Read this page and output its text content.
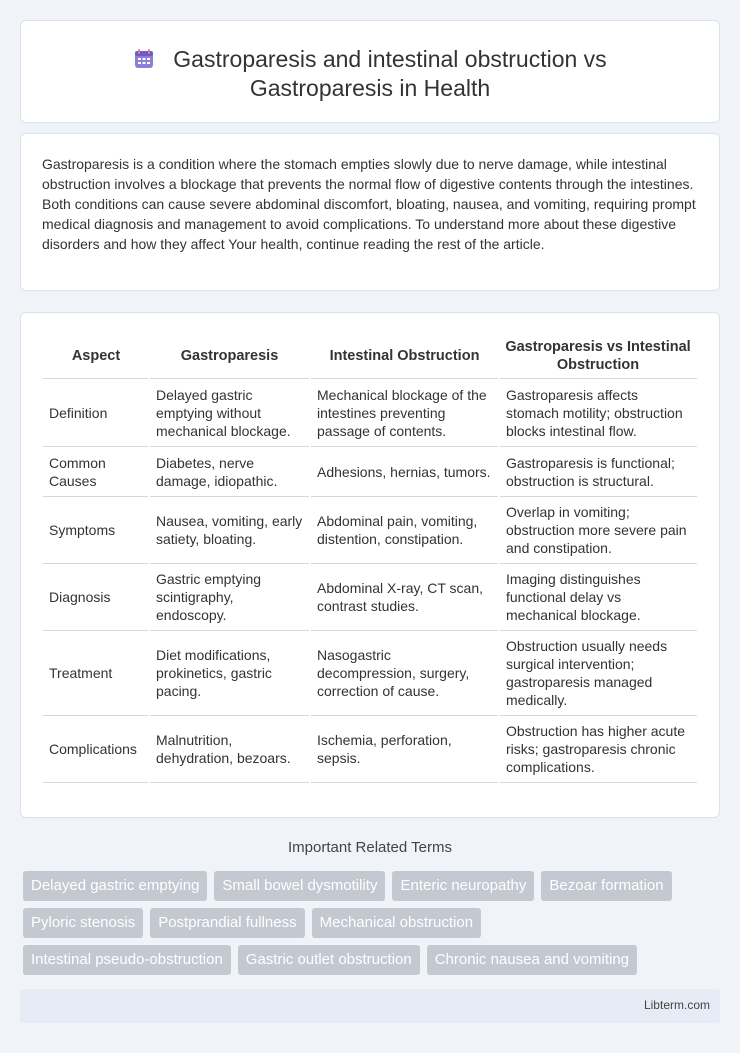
Gastroparesis and intestinal obstruction vs
Gastroparesis in Health

Gastroparesis is a condition where the stomach empties slowly due to nerve damage, while intestinal obstruction involves a blockage that prevents the normal flow of digestive contents through the intestines. Both conditions can cause severe abdominal discomfort, bloating, nausea, and vomiting, requiring prompt medical diagnosis and management to avoid complications. To understand more about these digestive disorders and how they affect Your health, continue reading the rest of the article.

Aspect	Gastroparesis	Intestinal Obstruction	Gastroparesis vs Intestinal Obstruction
Definition	Delayed gastric emptying without mechanical blockage.	Mechanical blockage of the intestines preventing passage of contents.	Gastroparesis affects stomach motility; obstruction blocks intestinal flow.
Common Causes	Diabetes, nerve damage, idiopathic.	Adhesions, hernias, tumors.	Gastroparesis is functional; obstruction is structural.
Symptoms	Nausea, vomiting, early satiety, bloating.	Abdominal pain, vomiting, distention, constipation.	Overlap in vomiting; obstruction more severe pain and constipation.
Diagnosis	Gastric emptying scintigraphy, endoscopy.	Abdominal X-ray, CT scan, contrast studies.	Imaging distinguishes functional delay vs mechanical blockage.
Treatment	Diet modifications, prokinetics, gastric pacing.	Nasogastric decompression, surgery, correction of cause.	Obstruction usually needs surgical intervention; gastroparesis managed medically.
Complications	Malnutrition, dehydration, bezoars.	Ischemia, perforation, sepsis.	Obstruction has higher acute risks; gastroparesis chronic complications.
Important Related Terms
Delayed gastric emptying	Small bowel dysmotility	Enteric neuropathy	Bezoar formation
Pyloric stenosis	Postprandial fullness	Mechanical obstruction
Intestinal pseudo-obstruction	Gastric outlet obstruction	Chronic nausea and vomiting
Libterm.com
